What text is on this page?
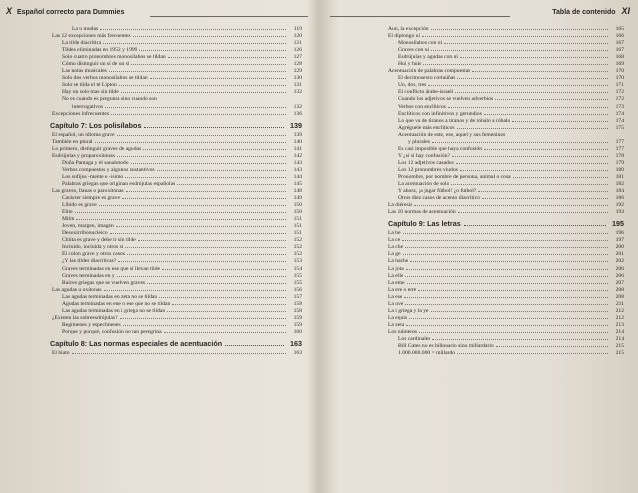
X Español correcto para Dummies
La u mudas	119
Las 12 excepciones más frecuentes	120
La tilde diacrítica	121
Tildes eliminadas en 1952 y 1999	126
Solo cuatro pronombres monosílabos se tildan	127
Cómo distinguir un sí de un si	128
Las notas musicales	129
Solo dos verbos monosílabos se tildan	130
Solo se tilda el té Lipton	131
Hay un solo mas sin tilde	132
No es cuando es pregunta sino cuando son
interrogativos	132
Excepciones infrecuentes	136
Capítulo 7: Los polisílabos	139
El español, un idioma grave	139
También en plural	140
Lo primero, distinguir graves de agudas	141
Esdrújulas y proparoxítonas	142
Doña Pantaga y el sanalotodo	143
Verbos compuestos y algunos sustantivos	143
Los sufijos -mente e -ísimo	144
Palabras griegas que originan esdrújulas españolas	145
Las graves, llanas o paroxítonas	148
Carácter siempre es grave	149
Líbido es grave	150
Élite	150
Mitin	151
Joven, margen, imagen	151
Desoxirribonucleico	151
Chiita es grave y debe ir sin tilde	152
Incluido, incluida y otros sí	152
El colon grave y otros casos	152
¿Y las tildes diacríticas?	153
Graves terminadas en ese que sí llevan tilde	154
Graves terminadas en y	155
Raíces griegas que se vuelven graves	155
Las agudas u oxítonas	156
Las agudas terminadas en zeta no se tildan	157
Agudas terminadas en ene o ese que no se tildan	158
Las agudas terminadas en i griega no se tildan	158
¿Existen las sobreesdrújulas?	159
Regímenes y especímenes	159
Porque y porqué, confusión no tan peregrina	160
Capítulo 8: Las normas especiales de acentuación	163
El hiato	163
Tabla de contenido XI
Aun, la excepción	165
El diptongo ui	166
Monosílabos con ui	167
Graves con ui	167
Esdrújulas y agudas con ui	168
Hui y huis	169
Acentuación de palabras compuestas	170
El decimosexto cortaúñas	170
Un, dos, tres	171
El conflicto árabe-israelí	172
Cuando los adjetivos se vuelven adverbios	172
Verbos con enclíticos	173
Enclíticos con infinitivos y gerundios	174
Lo que va de tiranos a tiranos y de robalo a róbalo	174
Agréguele más enclíticos	175
Acentuación de este, ese, aquel y sus femeninos
y plurales	177
Es casi imposible que haya confusión	177
Y ¿si sí hay confusión?	178
Los 12 adjetivos casados	179
Los 12 pronombres viudos	180
Pronombre, por nombre de persona, animal o cosa	181
La acentuación de solo	182
Y ahora, ¡a jugar fútbol! ¿o futbol?	184
Otros diez casos de acento diacrítico	186
La diéresis	192
Las 10 normas de acentuación	193
Capítulo 9: Las letras	195
La be	196
La ce	197
La che	200
La ge	201
La hache	202
La jota	206
La elle	206
La eme	207
La ere o erre	208
La ese	208
La uve	211
La i griega y la ye	212
La equis	212
La zeta	213
Los números	214
Los cardinales	214
Bill Gates no es billonario sino millardario	215
1.000.000.000 = millardo	215
